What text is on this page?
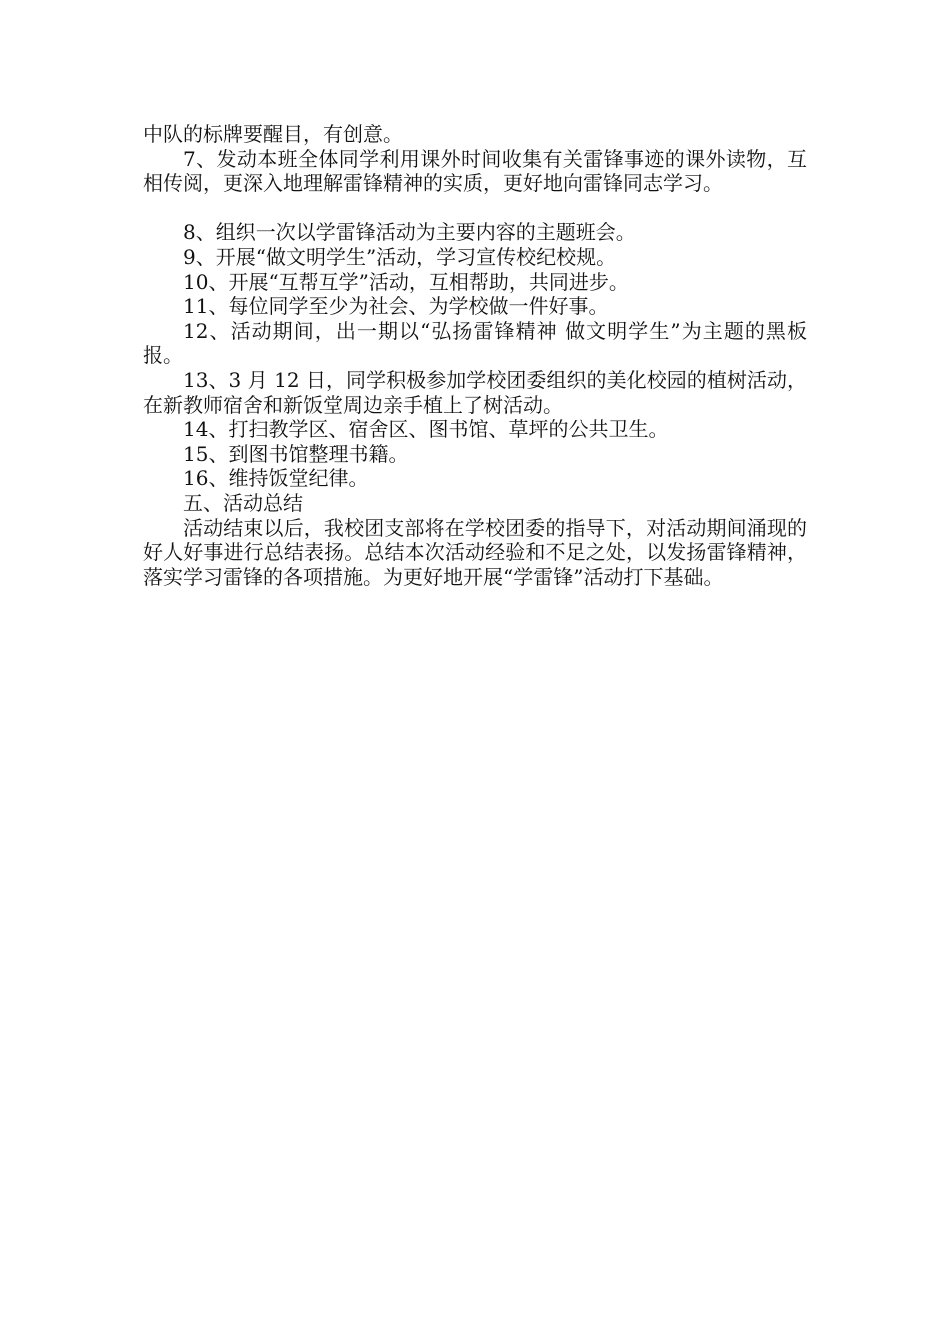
中队的标牌要醒目，有创意。

7、发动本班全体同学利用课外时间收集有关雷锋事迹的课外读物，互相传阅，更深入地理解雷锋精神的实质，更好地向雷锋同志学习。

8、组织一次以学雷锋活动为主要内容的主题班会。

9、开展“做文明学生”活动，学习宣传校纪校规。

10、开展“互帮互学”活动，互相帮助，共同进步。

11、每位同学至少为社会、为学校做一件好事。

12、活动期间，出一期以“弘扬雷锋精神 做文明学生”为主题的黑板报。

13、3 月 12 日，同学积极参加学校团委组织的美化校园的植树活动，在新教师宿舍和新饭堂周边亲手植上了树活动。

14、打扫教学区、宿舍区、图书馆、草坪的公共卫生。

15、到图书馆整理书籍。

16、维持饭堂纪律。

五、活动总结

活动结束以后，我校团支部将在学校团委的指导下，对活动期间涌现的好人好事进行总结表扬。总结本次活动经验和不足之处，以发扬雷锋精神，落实学习雷锋的各项措施。为更好地开展“学雷锋”活动打下基础。
